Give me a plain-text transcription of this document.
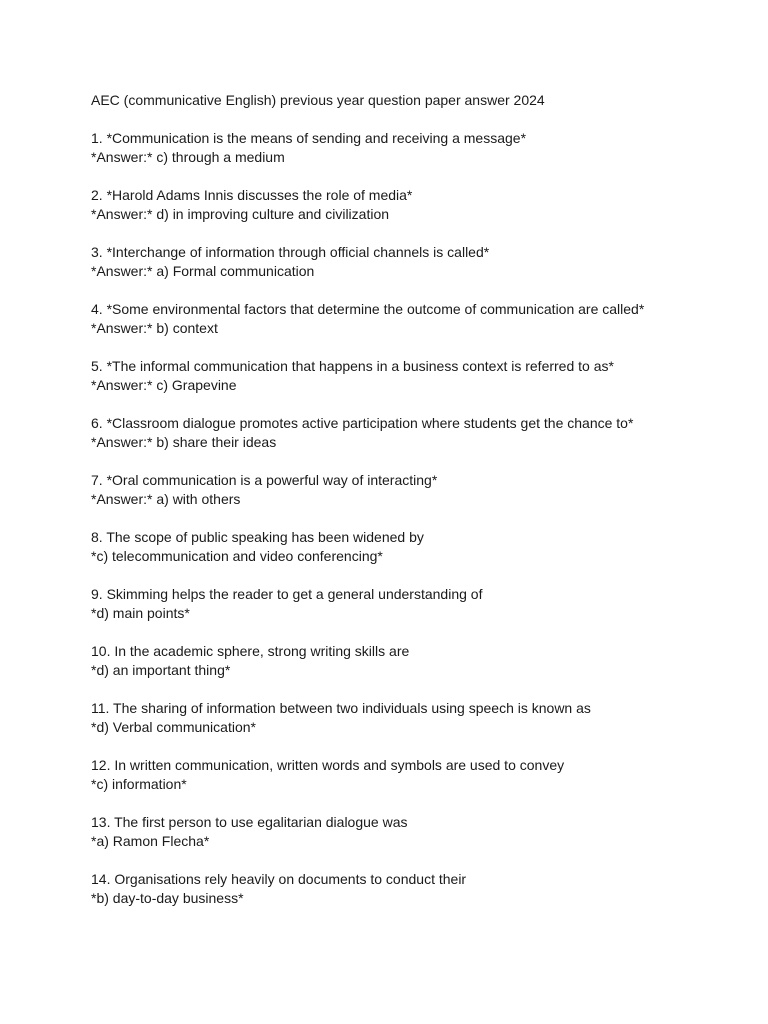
AEC (communicative English) previous year question paper answer 2024

1. *Communication is the means of sending and receiving a message*

*Answer:* c) through a medium

2. *Harold Adams Innis discusses the role of media*

*Answer:* d) in improving culture and civilization

3. *Interchange of information through official channels is called*

*Answer:* a) Formal communication

4. *Some environmental factors that determine the outcome of communication are called*

*Answer:* b) context

5. *The informal communication that happens in a business context is referred to as*

*Answer:* c) Grapevine

6. *Classroom dialogue promotes active participation where students get the chance to*

*Answer:* b) share their ideas

7. *Oral communication is a powerful way of interacting*

*Answer:* a) with others

8. The scope of public speaking has been widened by

*c) telecommunication and video conferencing*

9. Skimming helps the reader to get a general understanding of

*d) main points*

10. In the academic sphere, strong writing skills are

*d) an important thing*

11. The sharing of information between two individuals using speech is known as

*d) Verbal communication*

12. In written communication, written words and symbols are used to convey

*c) information*

13. The first person to use egalitarian dialogue was

*a) Ramon Flecha*

14. Organisations rely heavily on documents to conduct their

*b) day-to-day business*
